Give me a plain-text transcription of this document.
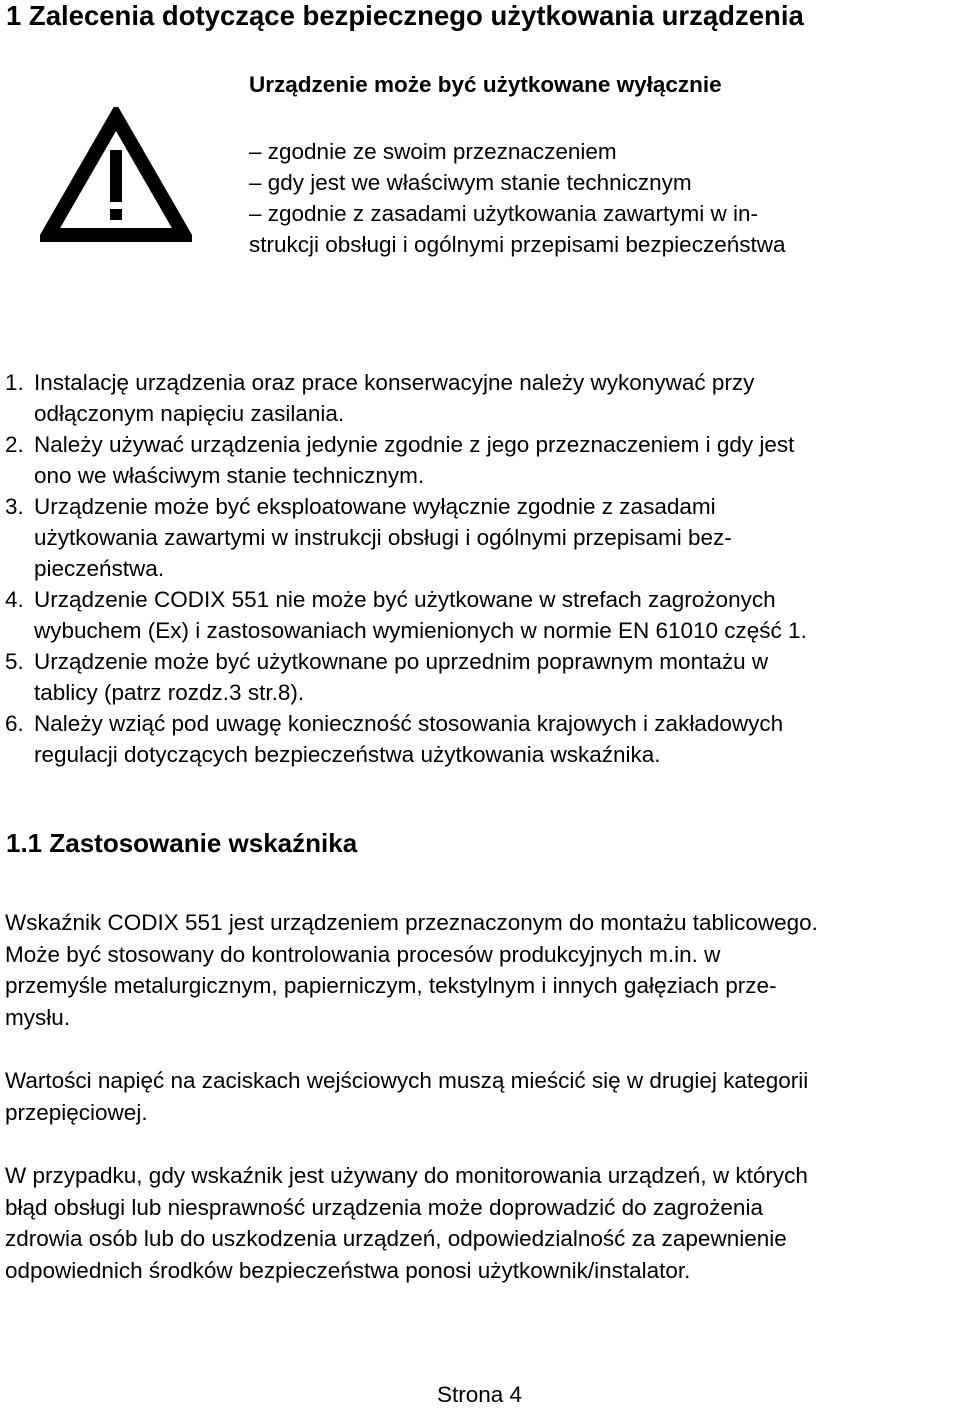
1 Zalecenia dotyczące bezpiecznego użytkowania urządzenia
Urządzenie może być użytkowane wyłącznie
– zgodnie ze swoim przeznaczeniem
– gdy jest we właściwym stanie technicznym
– zgodnie z zasadami użytkowania zawartymi w in-
strukcji obsługi i ogólnymi przepisami bezpieczeństwa
1. Instalację urządzenia oraz prace konserwacyjne należy wykonywać przy
odłączonym napięciu zasilania.
2. Należy używać urządzenia jedynie zgodnie z jego przeznaczeniem i gdy jest
ono we właściwym stanie technicznym.
3. Urządzenie może być eksploatowane wyłącznie zgodnie z zasadami
użytkowania zawartymi w instrukcji obsługi i ogólnymi przepisami bez-
pieczeństwa.
4. Urządzenie CODIX 551 nie może być użytkowane w strefach zagrożonych
wybuchem (Ex) i zastosowaniach wymienionych w normie EN 61010 część 1.
5. Urządzenie może być użytkownane po uprzednim poprawnym montażu w
tablicy (patrz rozdz.3 str.8).
6. Należy wziąć pod uwagę konieczność stosowania krajowych i zakładowych
regulacji dotyczących bezpieczeństwa użytkowania wskaźnika.
1.1 Zastosowanie wskaźnika
Wskaźnik CODIX 551 jest urządzeniem przeznaczonym do montażu tablicowego.
Może być stosowany do kontrolowania procesów produkcyjnych m.in. w
przemyśle metalurgicznym, papierniczym, tekstylnym i innych gałęziach prze-
mysłu.
Wartości napięć na zaciskach wejściowych muszą mieścić się w drugiej kategorii
przepięciowej.
W przypadku, gdy wskaźnik jest używany do monitorowania urządzeń, w których
błąd obsługi lub niesprawność urządzenia może doprowadzić do zagrożenia
zdrowia osób lub do uszkodzenia urządzeń, odpowiedzialność za zapewnienie
odpowiednich środków bezpieczeństwa ponosi użytkownik/instalator.
Strona 4
